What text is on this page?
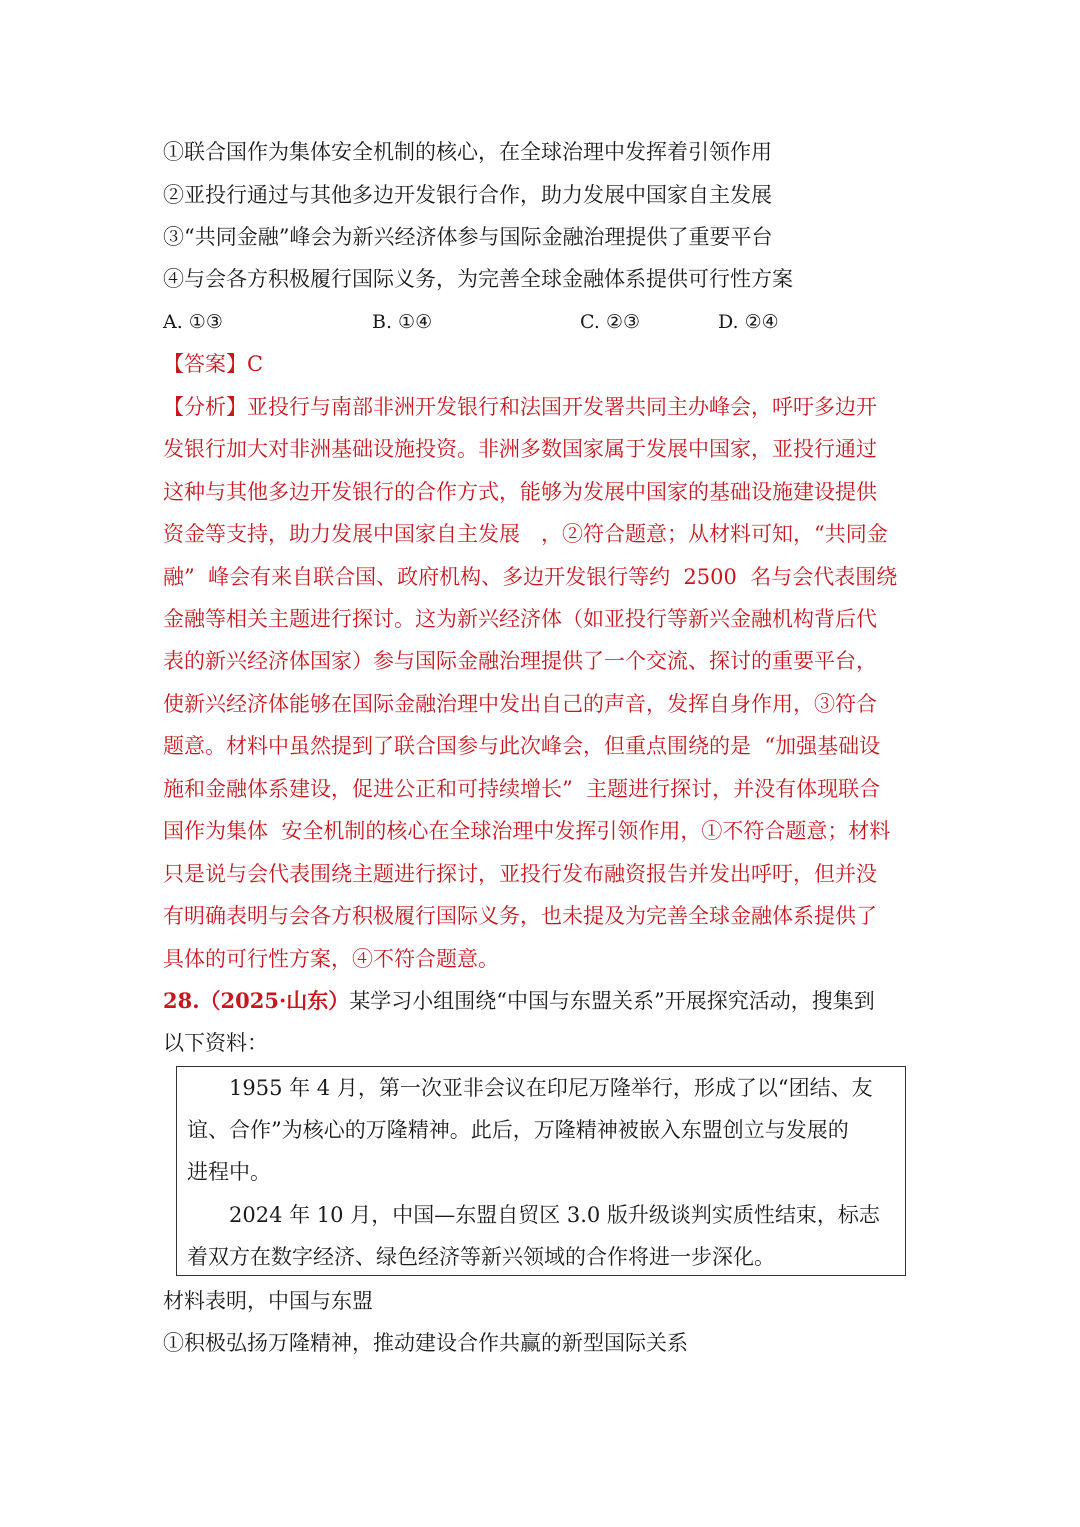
①联合国作为集体安全机制的核心，在全球治理中发挥着引领作用
②亚投行通过与其他多边开发银行合作，助力发展中国家自主发展
③“共同金融”峰会为新兴经济体参与国际金融治理提供了重要平台
④与会各方积极履行国际义务，为完善全球金融体系提供可行性方案
A. ①③	B. ①④	C. ②③	D. ②④
【答案】C
【分析】亚投行与南部非洲开发银行和法国开发署共同主办峰会，呼吁多边开
发银行加大对非洲基础设施投资。非洲多数国家属于发展中国家，亚投行通过
这种与其他多边开发银行的合作方式，能够为发展中国家的基础设施建设提供
资金等支持，助力发展中国家自主发展　，②符合题意；从材料可知，“共同金
融”  峰会有来自联合国、政府机构、多边开发银行等约  2500  名与会代表围绕
金融等相关主题进行探讨。这为新兴经济体（如亚投行等新兴金融机构背后代
表的新兴经济体国家）参与国际金融治理提供了一个交流、探讨的重要平台，
使新兴经济体能够在国际金融治理中发出自己的声音，发挥自身作用，③符合
题意。材料中虽然提到了联合国参与此次峰会，但重点围绕的是  “加强基础设
施和金融体系建设，促进公正和可持续增长”  主题进行探讨，并没有体现联合
国作为集体  安全机制的核心在全球治理中发挥引领作用，①不符合题意；材料
只是说与会代表围绕主题进行探讨，亚投行发布融资报告并发出呼吁，但并没
有明确表明与会各方积极履行国际义务，也未提及为完善全球金融体系提供了
具体的可行性方案，④不符合题意。
28.（2025·山东）某学习小组围绕“中国与东盟关系”开展探究活动，搜集到
以下资料：
1955 年 4 月，第一次亚非会议在印尼万隆举行，形成了以“团结、友
谊、合作”为核心的万隆精神。此后，万隆精神被嵌入东盟创立与发展的
进程中。
2024 年 10 月，中国—东盟自贸区 3.0 版升级谈判实质性结束，标志
着双方在数字经济、绿色经济等新兴领域的合作将进一步深化。
材料表明，中国与东盟
①积极弘扬万隆精神，推动建设合作共赢的新型国际关系
